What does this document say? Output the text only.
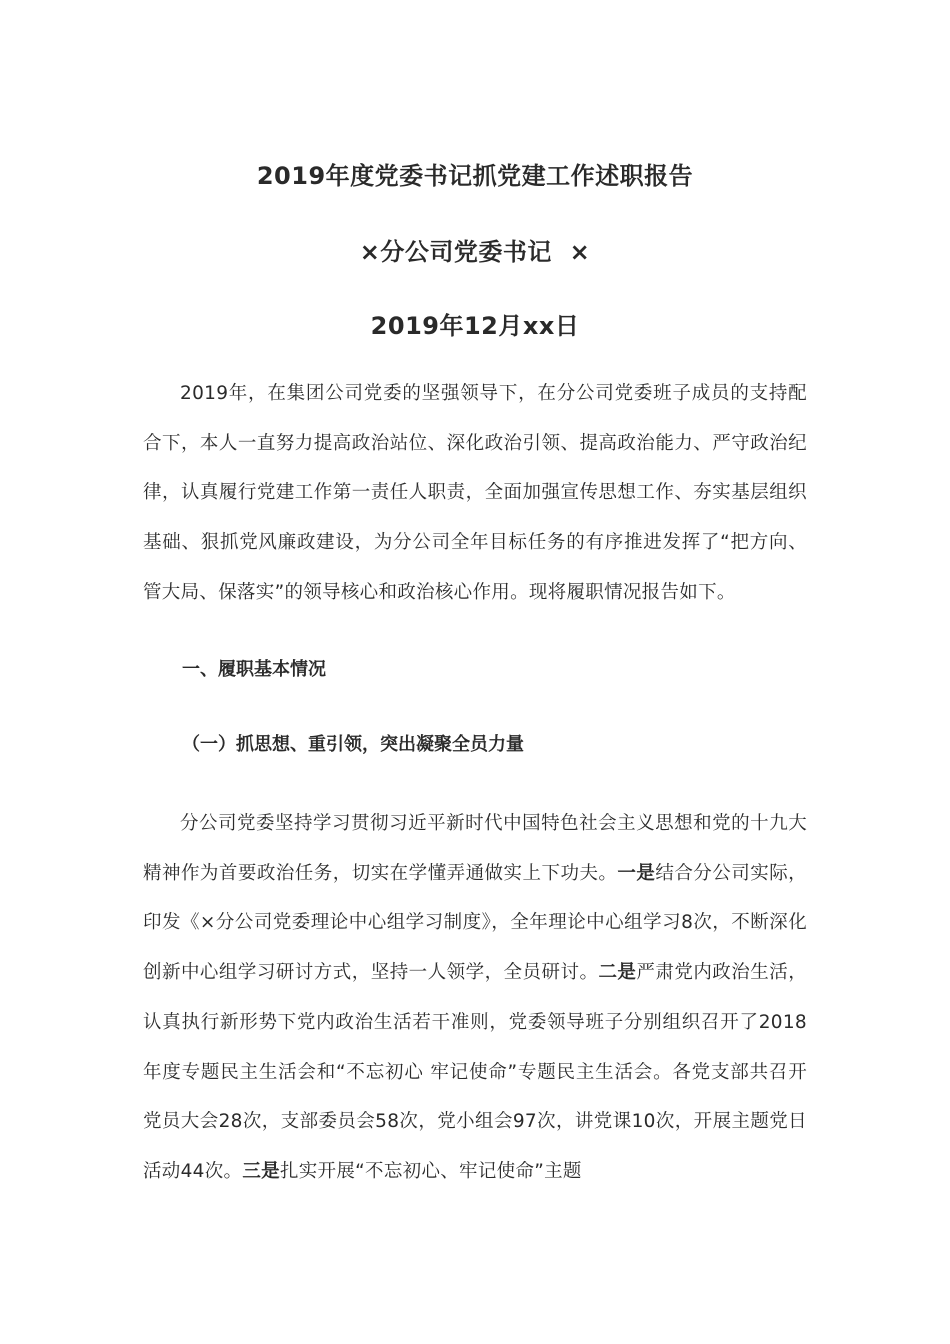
2019年度党委书记抓党建工作述职报告
×分公司党委书记  ×
2019年12月xx日

2019年，在集团公司党委的坚强领导下，在分公司党委班子成员的支持配合下，本人一直努力提高政治站位、深化政治引领、提高政治能力、严守政治纪律，认真履行党建工作第一责任人职责，全面加强宣传思想工作、夯实基层组织基础、狠抓党风廉政建设，为分公司全年目标任务的有序推进发挥了“把方向、管大局、保落实”的领导核心和政治核心作用。现将履职情况报告如下。

一、履职基本情况
（一）抓思想、重引领，突出凝聚全员力量

分公司党委坚持学习贯彻习近平新时代中国特色社会主义思想和党的十九大精神作为首要政治任务，切实在学懂弄通做实上下功夫。一是结合分公司实际，印发《×分公司党委理论中心组学习制度》，全年理论中心组学习8次，不断深化创新中心组学习研讨方式，坚持一人领学，全员研讨。二是严肃党内政治生活，认真执行新形势下党内政治生活若干准则，党委领导班子分别组织召开了2018年度专题民主生活会和“不忘初心 牢记使命”专题民主生活会。各党支部共召开党员大会28次，支部委员会58次，党小组会97次，讲党课10次，开展主题党日活动44次。三是扎实开展“不忘初心、牢记使命”主题
